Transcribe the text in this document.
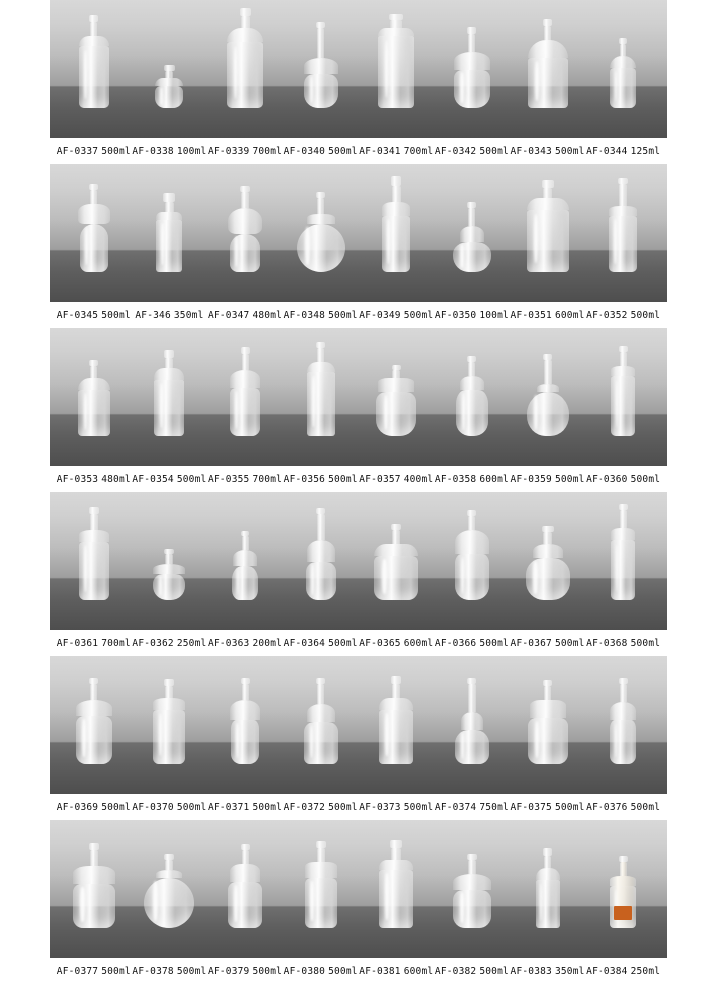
AF-0337 500ml AF-0338 100ml AF-0339 700ml AF-0340 500ml AF-0341 700ml AF-0342 500ml AF-0343 500ml AF-0344 125ml
AF-0345 500ml AF-346 350ml AF-0347 480ml AF-0348 500ml AF-0349 500ml AF-0350 100ml AF-0351 600ml AF-0352 500ml
AF-0353 480ml AF-0354 500ml AF-0355 700ml AF-0356 500ml AF-0357 400ml AF-0358 600ml AF-0359 500ml AF-0360 500ml
AF-0361 700ml AF-0362 250ml AF-0363 200ml AF-0364 500ml AF-0365 600ml AF-0366 500ml AF-0367 500ml AF-0368 500ml
AF-0369 500ml AF-0370 500ml AF-0371 500ml AF-0372 500ml AF-0373 500ml AF-0374 750ml AF-0375 500ml AF-0376 500ml
AF-0377 500ml AF-0378 500ml AF-0379 500ml AF-0380 500ml AF-0381 600ml AF-0382 500ml AF-0383 350ml AF-0384 250ml
